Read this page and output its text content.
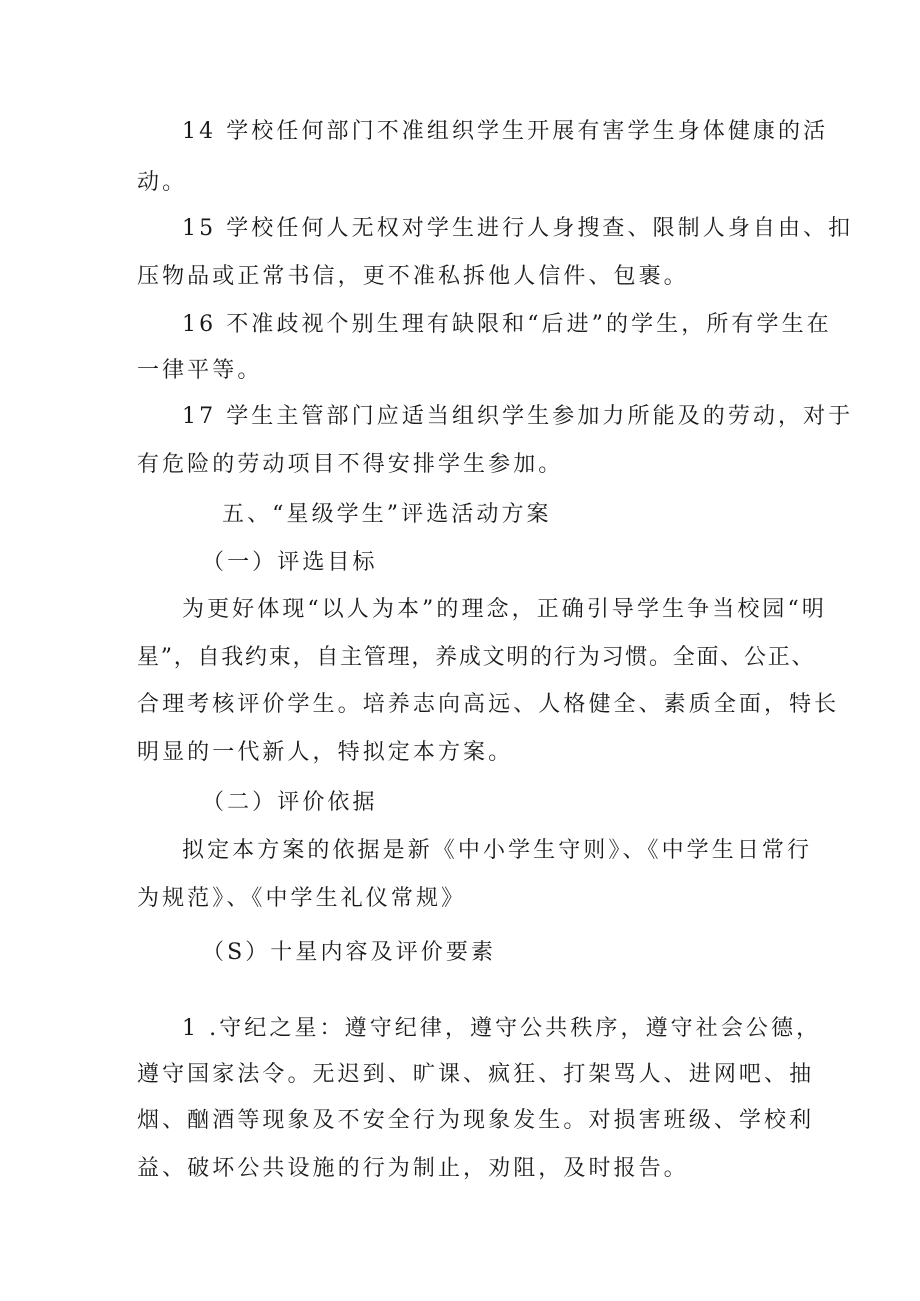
14 学校任何部门不准组织学生开展有害学生身体健康的活
动。
15 学校任何人无权对学生进行人身搜查、限制人身自由、扣
压物品或正常书信，更不准私拆他人信件、包裹。
16 不准歧视个别生理有缺限和“后进”的学生，所有学生在
一律平等。
17 学生主管部门应适当组织学生参加力所能及的劳动，对于
有危险的劳动项目不得安排学生参加。
五、“星级学生”评选活动方案
（一）评选目标
为更好体现“以人为本”的理念，正确引导学生争当校园“明
星”，自我约束，自主管理，养成文明的行为习惯。全面、公正、
合理考核评价学生。培养志向高远、人格健全、素质全面，特长
明显的一代新人，特拟定本方案。
（二）评价依据
拟定本方案的依据是新《中小学生守则》、《中学生日常行
为规范》、《中学生礼仪常规》
（S）十星内容及评价要素
1 .守纪之星：遵守纪律，遵守公共秩序，遵守社会公德，
遵守国家法令。无迟到、旷课、疯狂、打架骂人、进网吧、抽
烟、酗酒等现象及不安全行为现象发生。对损害班级、学校利
益、破坏公共设施的行为制止，劝阻，及时报告。
